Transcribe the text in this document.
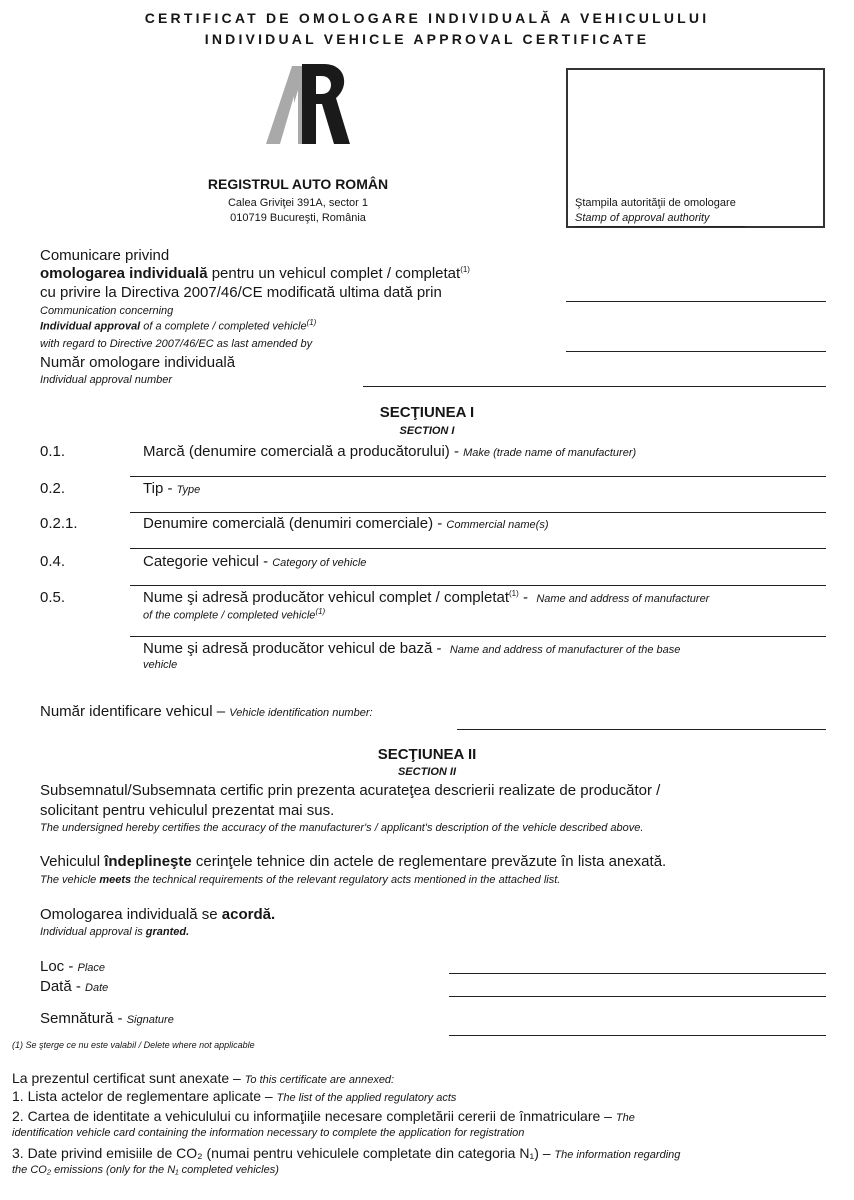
CERTIFICAT DE OMOLOGARE INDIVIDUALĂ A VEHICULULUI
INDIVIDUAL VEHICLE APPROVAL CERTIFICATE
REGISTRUL AUTO ROMÂN
Calea Griviţei 391A, sector 1
010719 Bucureşti, România
Ştampila autorităţii de omologare
Stamp of approval authority
Comunicare privind
omologarea individuală pentru un vehicul complet / completat$^{(1)}$
cu privire la Directiva 2007/46/CE modificată ultima dată prin
Communication concerning
Individual approval of a complete / completed vehicle$^{(1)}$
with regard to Directive 2007/46/EC as last amended by
Număr omologare individuală
Individual approval number
SECŢIUNEA I
SECTION I
0.1.	Marcă (denumire comercială a producătorului) - Make (trade name of manufacturer)
0.2.	Tip - Type
0.2.1.	Denumire comercială (denumiri comerciale) - Commercial name(s)
0.4.	Categorie vehicul - Category of vehicle
0.5.	Nume şi adresă producător vehicul complet / completat$^{(1)}$ - Name and address of manufacturer
of the complete / completed vehicle$^{(1)}$
Nume şi adresă producător vehicul de bază -  Name and address of manufacturer of the base
vehicle
Număr identificare vehicul – Vehicle identification number:
SECŢIUNEA II
SECTION II
Subsemnatul/Subsemnata certific prin prezenta acurateţea descrierii realizate de producător /
solicitant pentru vehiculul prezentat mai sus.
The undersigned hereby certifies the accuracy of the manufacturer's / applicant's description of the vehicle described above.
Vehiculul îndeplineşte cerinţele tehnice din actele de reglementare prevăzute în lista anexată.
The vehicle meets the technical requirements of the relevant regulatory acts mentioned in the attached list.
Omologarea individuală se acordă.
Individual approval is granted.
Loc - Place
Dată - Date
Semnătură - Signature
(1) Se şterge ce nu este valabil / Delete where not applicable
La prezentul certificat sunt anexate – To this certificate are annexed:
1. Lista actelor de reglementare aplicate – The list of the applied regulatory acts
2. Cartea de identitate a vehiculului cu informaţiile necesare completării cererii de înmatriculare – The
identification vehicle card containing the information necessary to complete the application for registration
3. Date privind emisiile de CO₂ (numai pentru vehiculele completate din categoria N₁) – The information regarding
the CO₂ emissions (only for the N₁ completed vehicles)
